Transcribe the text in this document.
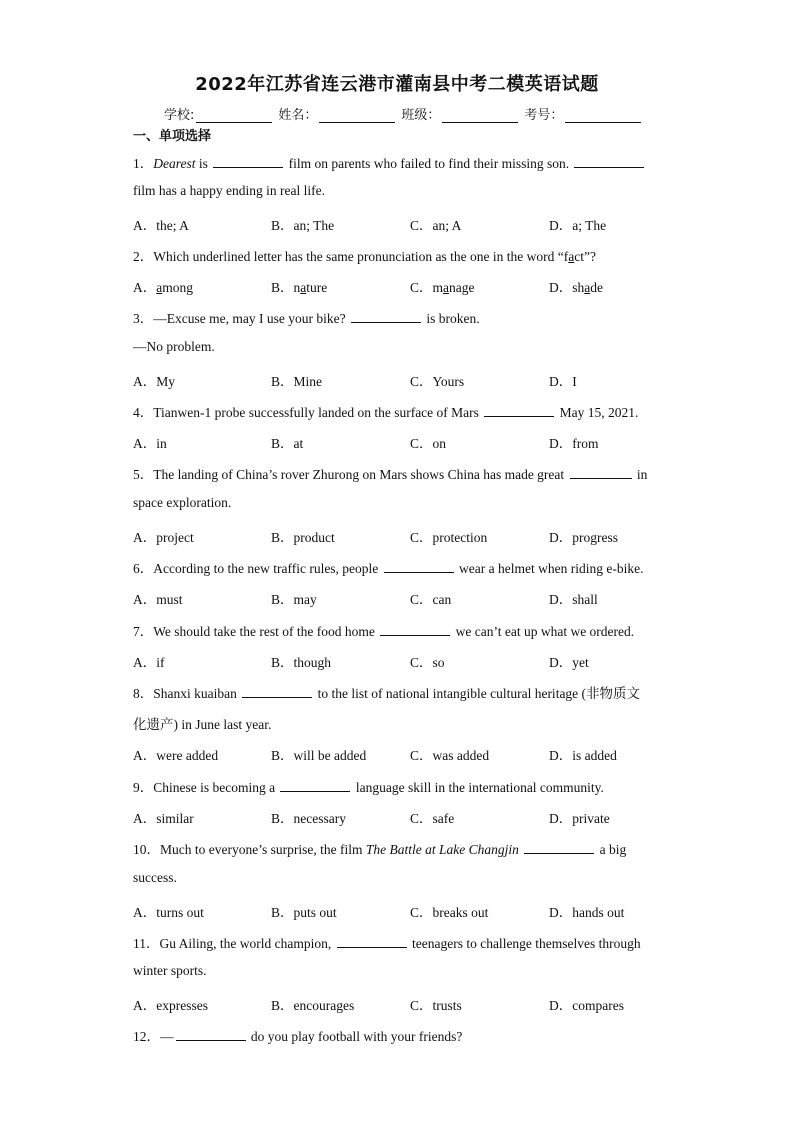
2022年江苏省连云港市灌南县中考二模英语试题
学校:	姓名：	班级：	考号：
一、单项选择
1．Dearest is	film on parents who failed to find their missing son.
film has a happy ending in real life.
A．the; A	B．an; The	C．an; A	D．a; The
2．Which underlined letter has the same pronunciation as the one in the word “fact”?
A．among	B．nature	C．manage	D．shade
3．—Excuse me, may I use your bike?	is broken.
—No problem.
A．My	B．Mine	C．Yours	D．I
4．Tianwen-1 probe successfully landed on the surface of Mars	May 15, 2021.
A．in	B．at	C．on	D．from
5．The landing of China’s rover Zhurong on Mars shows China has made great	in
space exploration.
A．project	B．product	C．protection	D．progress
6．According to the new traffic rules, people	wear a helmet when riding e-bike.
A．must	B．may	C．can	D．shall
7．We should take the rest of the food home	we can’t eat up what we ordered.
A．if	B．though	C．so	D．yet
8．Shanxi kuaiban	to the list of national intangible cultural heritage (非物质文
化遗产) in June last year.
A．were added	B．will be added	C．was added	D．is added
9．Chinese is becoming a	language skill in the international community.
A．similar	B．necessary	C．safe	D．private
10．Much to everyone’s surprise, the film The Battle at Lake Changjin	a big
success.
A．turns out	B．puts out	C．breaks out	D．hands out
11．Gu Ailing, the world champion,	teenagers to challenge themselves through
winter sports.
A．expresses	B．encourages	C．trusts	D．compares
12．—	do you play football with your friends?
